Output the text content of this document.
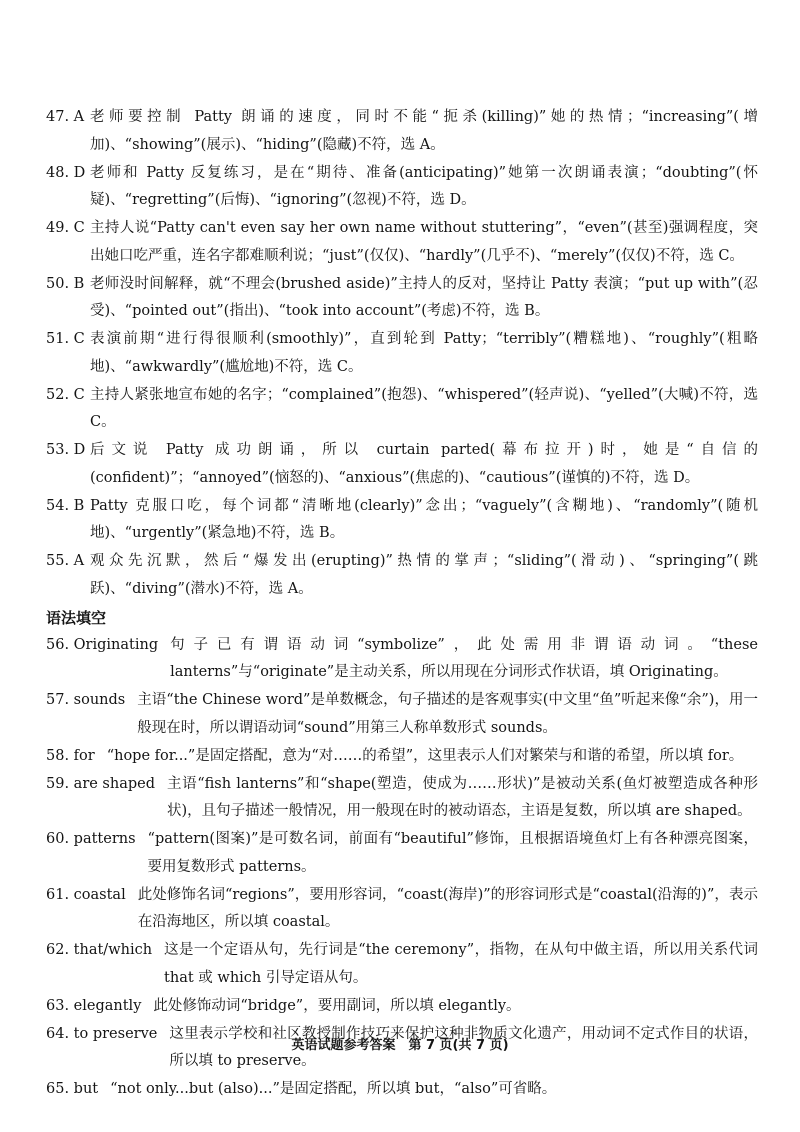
47. A 老师要控制 Patty 朗诵的速度，同时不能“扼杀(killing)”她的热情；“increasing”(增加)、“showing”(展示)、“hiding”(隐藏)不符，选 A。
48. D 老师和 Patty 反复练习，是在“期待、准备(anticipating)”她第一次朗诵表演；“doubting”(怀疑)、“regretting”(后悔)、“ignoring”(忽视)不符，选 D。
49. C 主持人说“Patty can't even say her own name without stuttering”，“even”(甚至)强调程度，突出她口吃严重，连名字都难顺利说；“just”(仅仅)、“hardly”(几乎不)、“merely”(仅仅)不符，选 C。
50. B 老师没时间解释，就“不理会(brushed aside)”主持人的反对，坚持让 Patty 表演；“put up with”(忍受)、“pointed out”(指出)、“took into account”(考虑)不符，选 B。
51. C 表演前期“进行得很顺利(smoothly)”，直到轮到 Patty；“terribly”(糟糕地)、“roughly”(粗略地)、“awkwardly”(尴尬地)不符，选 C。
52. C 主持人紧张地宣布她的名字；“complained”(抱怨)、“whispered”(轻声说)、“yelled”(大喊)不符，选 C。
53. D 后文说 Patty 成功朗诵，所以 curtain parted(幕布拉开)时，她是“自信的(confident)”；“annoyed”(恼怒的)、“anxious”(焦虑的)、“cautious”(谨慎的)不符，选 D。
54. B Patty 克服口吃，每个词都“清晰地(clearly)”念出；“vaguely”(含糊地)、“randomly”(随机地)、“urgently”(紧急地)不符，选 B。
55. A 观众先沉默，然后“爆发出(erupting)”热情的掌声；“sliding”(滑动)、“springing”(跳跃)、“diving”(潜水)不符，选 A。
语法填空
56. Originating 句子已有谓语动词“symbolize”，此处需用非谓语动词。“these lanterns”与“originate”是主动关系，所以用现在分词形式作状语，填 Originating。
57. sounds 主语“the Chinese word”是单数概念，句子描述的是客观事实(中文里“鱼”听起来像“余”)，用一般现在时，所以谓语动词“sound”用第三人称单数形式 sounds。
58. for “hope for...”是固定搭配，意为“对……的希望”，这里表示人们对繁荣与和谐的希望，所以填 for。
59. are shaped 主语“fish lanterns”和“shape(塑造，使成为……形状)”是被动关系(鱼灯被塑造成各种形状)，且句子描述一般情况，用一般现在时的被动语态，主语是复数，所以填 are shaped。
60. patterns “pattern(图案)”是可数名词，前面有“beautiful”修饰，且根据语境鱼灯上有各种漂亮图案，要用复数形式 patterns。
61. coastal 此处修饰名词“regions”，要用形容词，“coast(海岸)”的形容词形式是“coastal(沿海的)”，表示在沿海地区，所以填 coastal。
62. that/which 这是一个定语从句，先行词是“the ceremony”，指物，在从句中做主语，所以用关系代词 that 或 which 引导定语从句。
63. elegantly 此处修饰动词“bridge”，要用副词，所以填 elegantly。
64. to preserve 这里表示学校和社区教授制作技巧来保护这种非物质文化遗产，用动词不定式作目的状语，所以填 to preserve。
65. but “not only...but (also)...”是固定搭配，所以填 but，“also”可省略。
英语试题参考答案　第 7 页(共 7 页)
